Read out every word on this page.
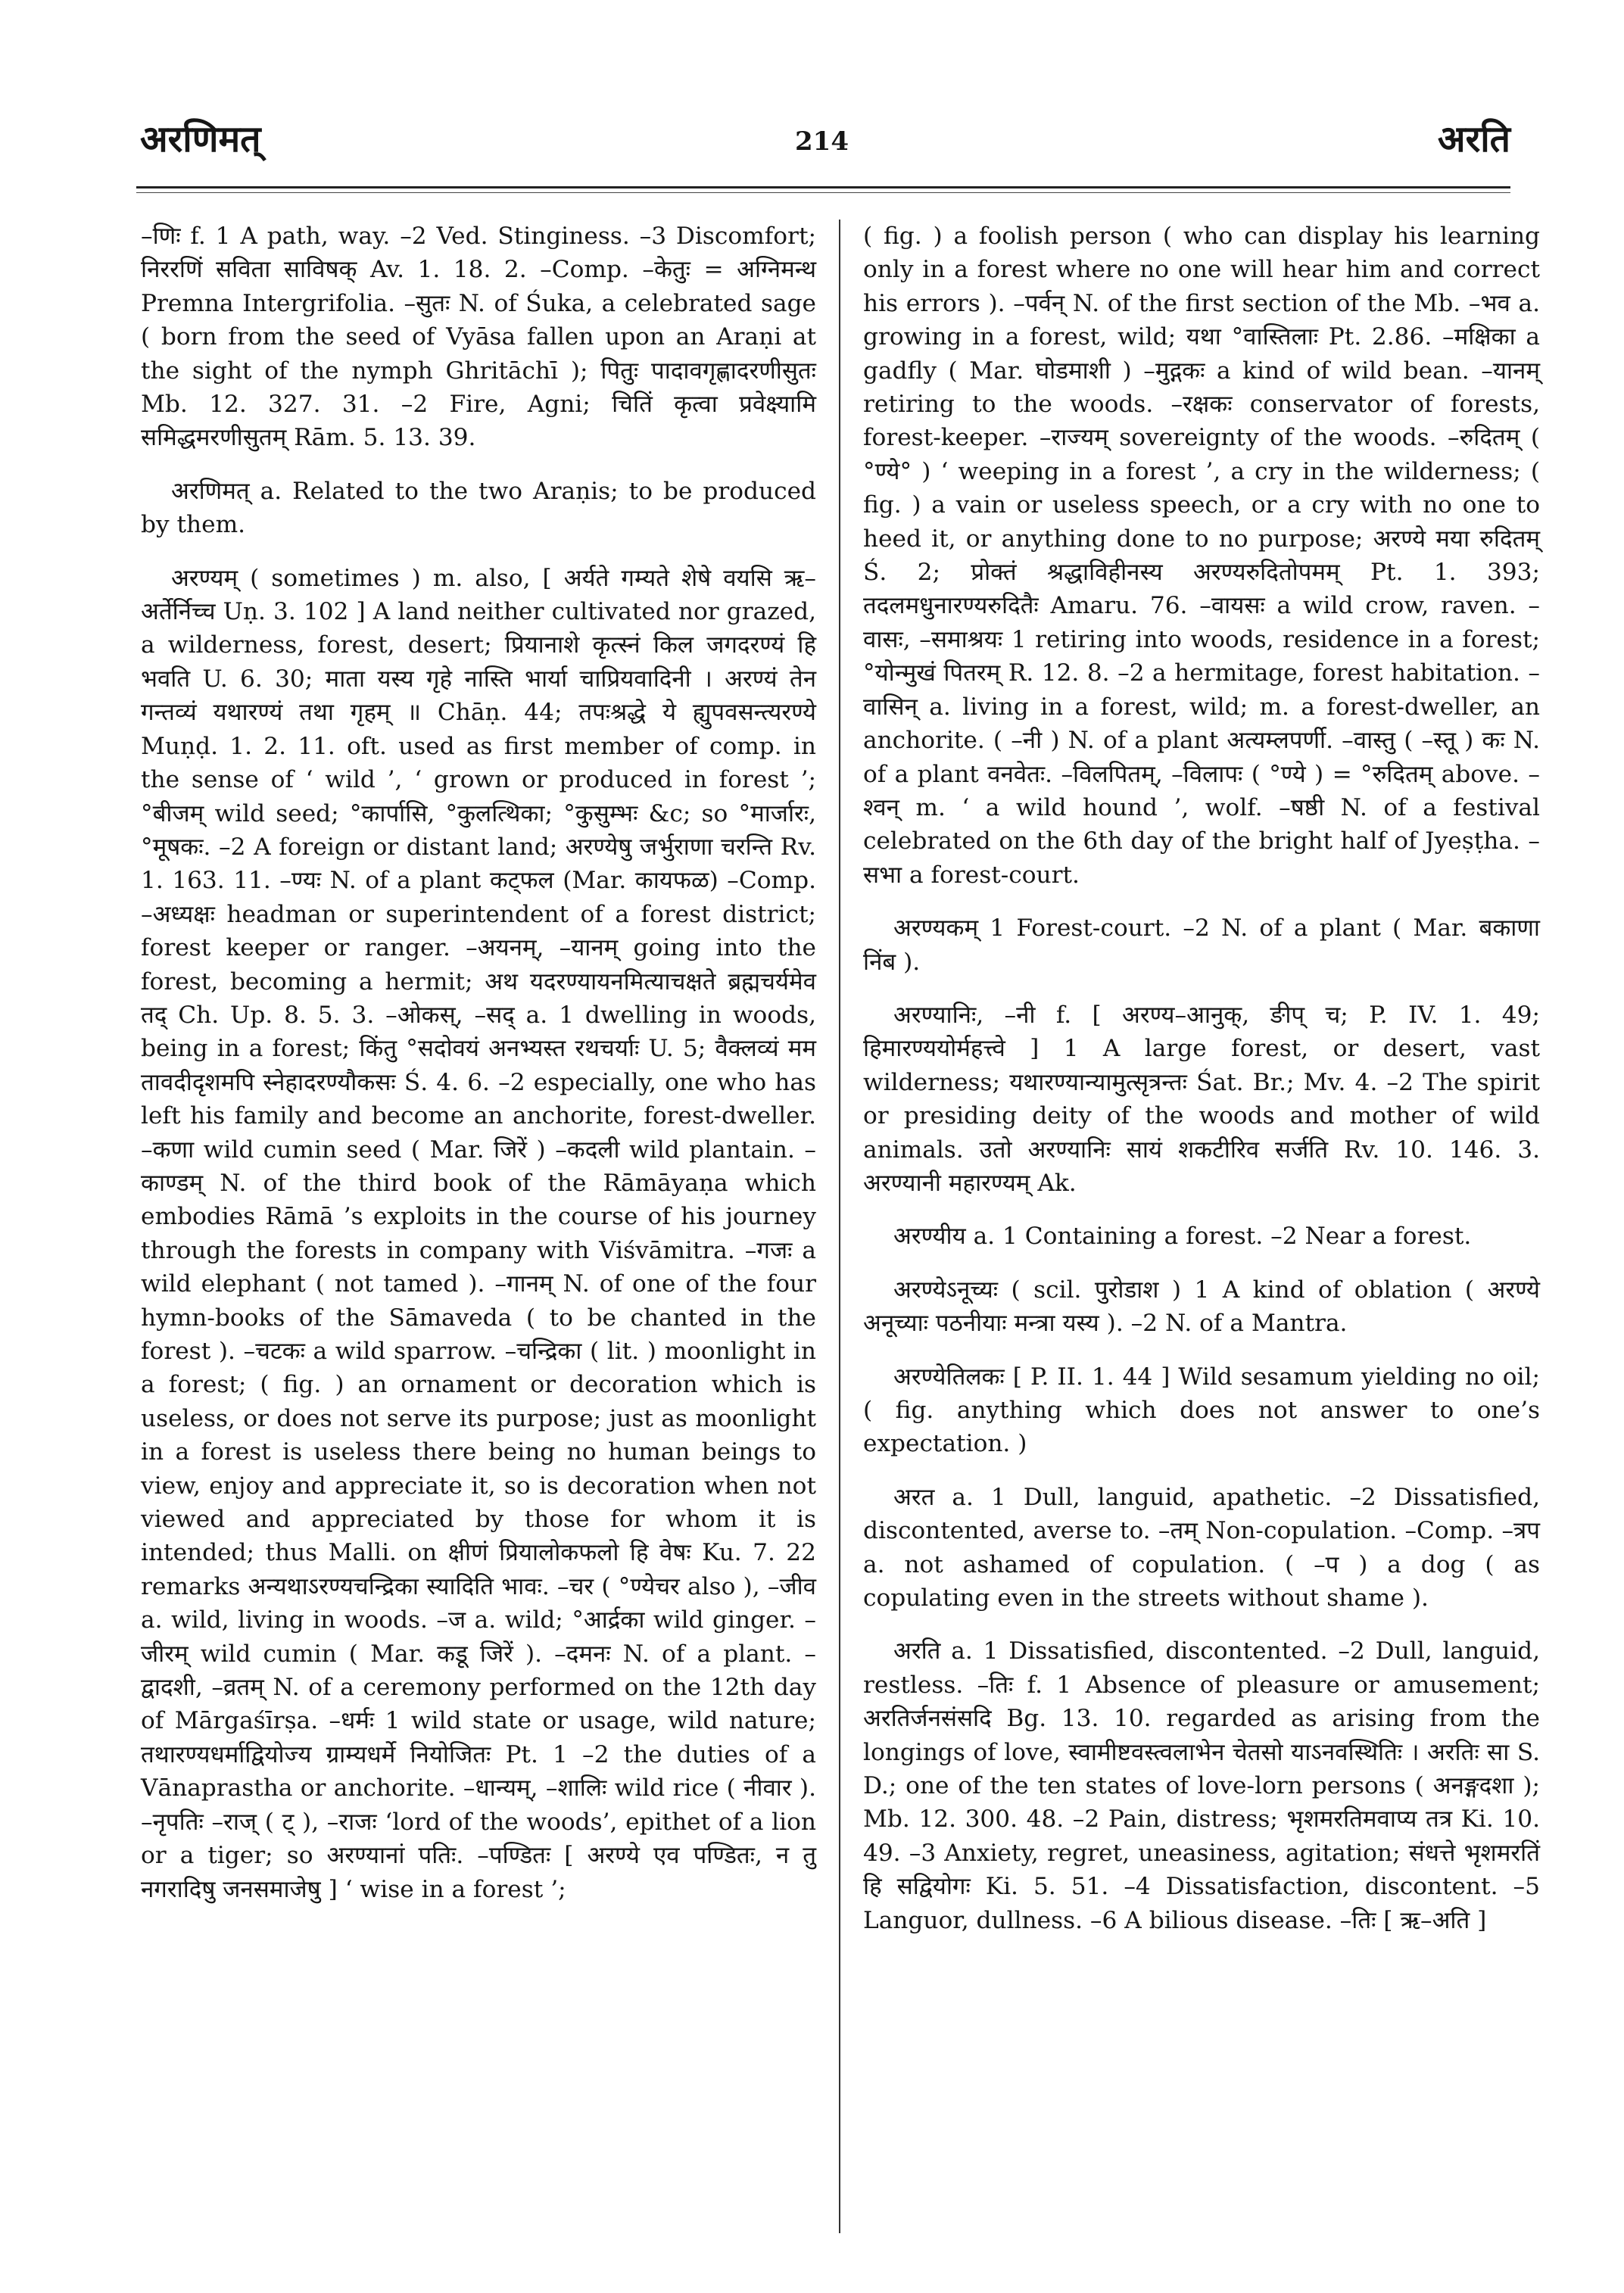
अरणिमत्	214	अरति

–णिः f. 1 A path, way. –2 Ved. Stinginess. –3 Discomfort; निररणिं सविता साविषक् Av. 1. 18. 2. –Comp. –केतुः = अग्निमन्थ Premna Intergrifolia. –सुतः N. of Śuka, a celebrated sage ( born from the seed of Vyāsa fallen upon an Araṇi at the sight of the nymph Ghritāchī ); पितुः पादावगृह्णादरणीसुतः Mb. 12. 327. 31. –2 Fire, Agni; चितिं कृत्वा प्रवेक्ष्यामि समिद्धमरणीसुतम् Rām. 5. 13. 39.

अरणिमत् a. Related to the two Araṇis; to be produced by them.

अरण्यम् ( sometimes ) m. also, [ अर्यते गम्यते शेषे वयसि ऋ–अर्तेर्निच्च Uṇ. 3. 102 ] A land neither cultivated nor grazed, a wilderness, forest, desert; प्रियानाशे कृत्स्नं किल जगदरण्यं हि भवति U. 6. 30; माता यस्य गृहे नास्ति भार्या चाप्रियवादिनी । अरण्यं तेन गन्तव्यं यथारण्यं तथा गृहम् ॥ Chāṇ. 44; तपःश्रद्धे ये ह्युपवसन्त्यरण्ये Muṇḍ. 1. 2. 11. oft. used as first member of comp. in the sense of ‘ wild ’, ‘ grown or produced in forest ’; °बीजम् wild seed; °कार्पासि, °कुलत्थिका; °कुसुम्भः &c; so °मार्जारः, °मूषकः. –2 A foreign or distant land; अरण्येषु जर्भुराणा चरन्ति Rv. 1. 163. 11. –ण्यः N. of a plant कट्फल (Mar. कायफळ) –Comp. –अध्यक्षः headman or superintendent of a forest district; forest keeper or ranger. –अयनम्, –यानम् going into the forest, becoming a hermit; अथ यदरण्यायनमित्याचक्षते ब्रह्मचर्यमेव तद् Ch. Up. 8. 5. 3. –ओकस्, –सद् a. 1 dwelling in woods, being in a forest; किंतु °सदोवयं अनभ्यस्त रथचर्याः U. 5; वैक्लव्यं मम तावदीदृशमपि स्नेहादरण्यौकसः Ś. 4. 6. –2 especially, one who has left his family and become an anchorite, forest-dweller. –कणा wild cumin seed ( Mar. जिरें ) –कदली wild plantain. –काण्डम् N. of the third book of the Rāmāyaṇa which embodies Rāmā ’s exploits in the course of his journey through the forests in company with Viśvāmitra. –गजः a wild elephant ( not tamed ). –गानम् N. of one of the four hymn-books of the Sāmaveda ( to be chanted in the forest ). –चटकः a wild sparrow. –चन्द्रिका ( lit. ) moonlight in a forest; ( fig. ) an ornament or decoration which is useless, or does not serve its purpose; just as moonlight in a forest is useless there being no human beings to view, enjoy and appreciate it, so is decoration when not viewed and appreciated by those for whom it is intended; thus Malli. on क्षीणं प्रियालोकफलो हि वेषः Ku. 7. 22 remarks अन्यथाऽरण्यचन्द्रिका स्यादिति भावः. –चर ( °ण्येचर also ), –जीव a. wild, living in woods. –ज a. wild; °आर्द्रका wild ginger. –जीरम् wild cumin ( Mar. कडू जिरें ). –दमनः N. of a plant. –द्वादशी, –व्रतम् N. of a ceremony performed on the 12th day of Mārgaśīrṣa. –धर्मः 1 wild state or usage, wild nature; तथारण्यधर्माद्वियोज्य ग्राम्यधर्मे नियोजितः Pt. 1 –2 the duties of a Vānaprastha or anchorite. –धान्यम्, –शालिः wild rice ( नीवार ). –नृपतिः –राज् ( ट् ), –राजः ‘lord of the woods’, epithet of a lion or a tiger; so अरण्यानां पतिः. –पण्डितः [ अरण्ये एव पण्डितः, न तु नगरादिषु जनसमाजेषु ] ‘ wise in a forest ’;

( fig. ) a foolish person ( who can display his learning only in a forest where no one will hear him and correct his errors ). –पर्वन् N. of the first section of the Mb. –भव a. growing in a forest, wild; यथा °वास्तिलाः Pt. 2.86. –मक्षिका a gadfly ( Mar. घोडमाशी ) –मुद्गकः a kind of wild bean. –यानम् retiring to the woods. –रक्षकः conservator of forests, forest-keeper. –राज्यम् sovereignty of the woods. –रुदितम् ( °ण्ये° ) ‘ weeping in a forest ’, a cry in the wilderness; ( fig. ) a vain or useless speech, or a cry with no one to heed it, or anything done to no purpose; अरण्ये मया रुदितम् Ś. 2; प्रोक्तं श्रद्धाविहीनस्य अरण्यरुदितोपमम् Pt. 1. 393; तदलमधुनारण्यरुदितैः Amaru. 76. –वायसः a wild crow, raven. –वासः, –समाश्रयः 1 retiring into woods, residence in a forest; °योन्मुखं पितरम् R. 12. 8. –2 a hermitage, forest habitation. –वासिन् a. living in a forest, wild; m. a forest-dweller, an anchorite. ( –नी ) N. of a plant अत्यम्लपर्णी. –वास्तु ( –स्तू ) कः N. of a plant वनवेतः. –विलपितम्, –विलापः ( °ण्ये ) = °रुदितम् above. –श्वन् m. ‘ a wild hound ’, wolf. –षष्ठी N. of a festival celebrated on the 6th day of the bright half of Jyeṣṭha. –सभा a forest-court.

अरण्यकम् 1 Forest-court. –2 N. of a plant ( Mar. बकाणा निंब ).

अरण्यानिः, –नी f. [ अरण्य–आनुक्, ङीप् च; P. IV. 1. 49; हिमारण्ययोर्महत्त्वे ] 1 A large forest, or desert, vast wilderness; यथारण्यान्यामुत्सृत्रन्तः Śat. Br.; Mv. 4. –2 The spirit or presiding deity of the woods and mother of wild animals. उतो अरण्यानिः सायं शकटीरिव सर्जति Rv. 10. 146. 3. अरण्यानी महारण्यम् Ak.

अरण्यीय a. 1 Containing a forest. –2 Near a forest.

अरण्येऽनूच्यः ( scil. पुरोडाश ) 1 A kind of oblation ( अरण्ये अनूच्याः पठनीयाः मन्त्रा यस्य ). –2 N. of a Mantra.

अरण्येतिलकः [ P. II. 1. 44 ] Wild sesamum yielding no oil; ( fig. anything which does not answer to one’s expectation. )

अरत a. 1 Dull, languid, apathetic. –2 Dissatisfied, discontented, averse to. –तम् Non-copulation. –Comp. –त्रप a. not ashamed of copulation. ( –प ) a dog ( as copulating even in the streets without shame ).

अरति a. 1 Dissatisfied, discontented. –2 Dull, languid, restless. –तिः f. 1 Absence of pleasure or amusement; अरतिर्जनसंसदि Bg. 13. 10. regarded as arising from the longings of love, स्वामीष्टवस्त्वलाभेन चेतसो याऽनवस्थितिः । अरतिः सा S. D.; one of the ten states of love-lorn persons ( अनङ्गदशा ); Mb. 12. 300. 48. –2 Pain, distress; भृशमरतिमवाप्य तत्र Ki. 10. 49. –3 Anxiety, regret, uneasiness, agitation; संधत्ते भृशमरतिं हि सद्वियोगः Ki. 5. 51. –4 Dissatisfaction, discontent. –5 Languor, dullness. –6 A bilious disease. –तिः [ ऋ–अति ]
